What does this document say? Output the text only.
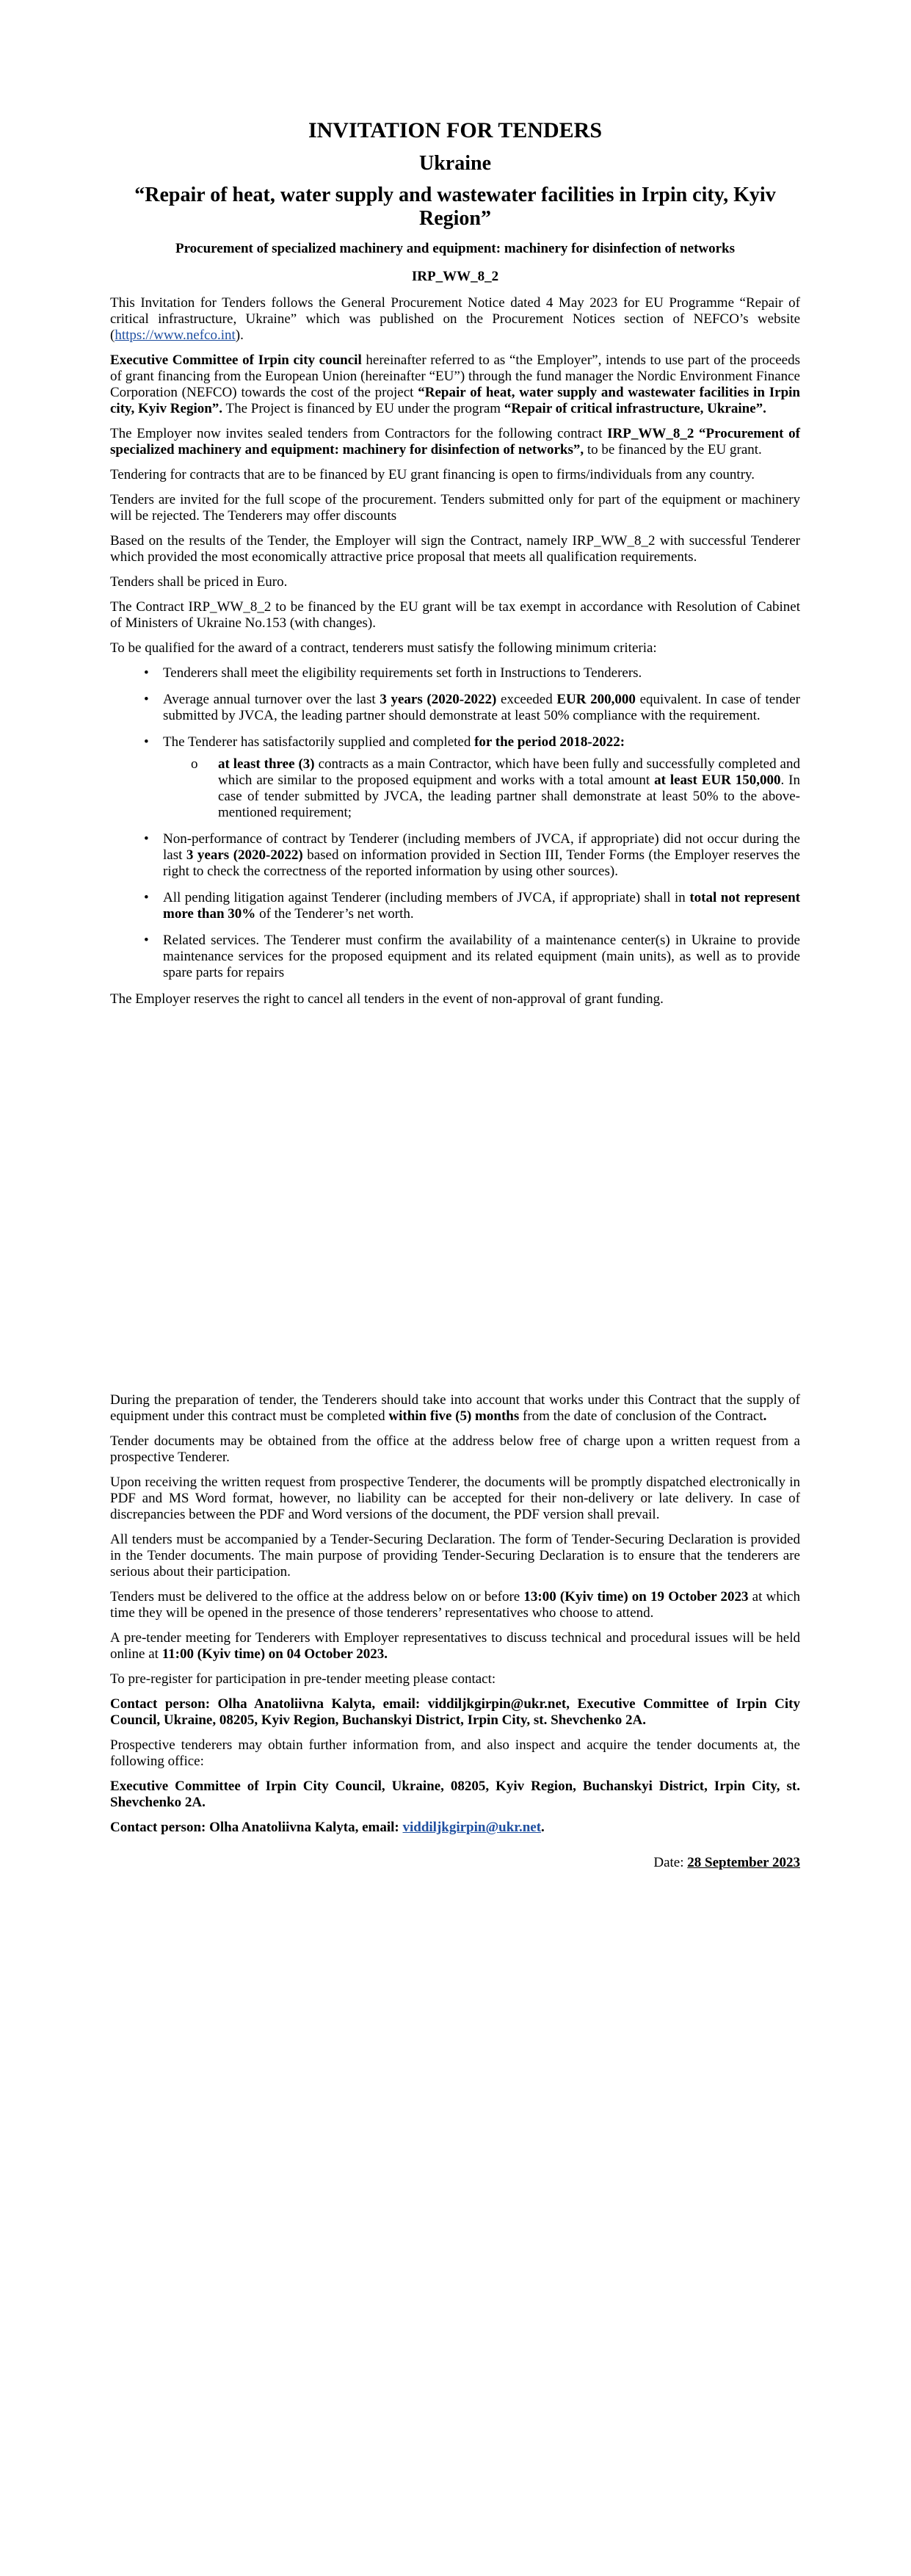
INVITATION FOR TENDERS
Ukraine
“Repair of heat, water supply and wastewater facilities in Irpin city, Kyiv Region”
Procurement of specialized machinery and equipment: machinery for disinfection of networks
IRP_WW_8_2

This Invitation for Tenders follows the General Procurement Notice dated 4 May 2023 for EU Programme “Repair of critical infrastructure, Ukraine” which was published on the Procurement Notices section of NEFCO’s website (https://www.nefco.int).

Executive Committee of Irpin city council hereinafter referred to as “the Employer”, intends to use part of the proceeds of grant financing from the European Union (hereinafter “EU”) through the fund manager the Nordic Environment Finance Corporation (NEFCO) towards the cost of the project “Repair of heat, water supply and wastewater facilities in Irpin city, Kyiv Region”. The Project is financed by EU under the program “Repair of critical infrastructure, Ukraine”.

The Employer now invites sealed tenders from Contractors for the following contract IRP_WW_8_2 “Procurement of specialized machinery and equipment: machinery for disinfection of networks”, to be financed by the EU grant.

Tendering for contracts that are to be financed by EU grant financing is open to firms/individuals from any country.

Tenders are invited for the full scope of the procurement. Tenders submitted only for part of the equipment or machinery will be rejected. The Tenderers may offer discounts

Based on the results of the Tender, the Employer will sign the Contract, namely IRP_WW_8_2 with successful Tenderer which provided the most economically attractive price proposal that meets all qualification requirements.

Tenders shall be priced in Euro.

The Contract IRP_WW_8_2 to be financed by the EU grant will be tax exempt in accordance with Resolution of Cabinet of Ministers of Ukraine No.153 (with changes).

To be qualified for the award of a contract, tenderers must satisfy the following minimum criteria:

• Tenderers shall meet the eligibility requirements set forth in Instructions to Tenderers.
• Average annual turnover over the last 3 years (2020-2022) exceeded EUR 200,000 equivalent. In case of tender submitted by JVCA, the leading partner should demonstrate at least 50% compliance with the requirement.
• The Tenderer has satisfactorily supplied and completed for the period 2018-2022:
o at least three (3) contracts as a main Contractor, which have been fully and successfully completed and which are similar to the proposed equipment and works with a total amount at least EUR 150,000. In case of tender submitted by JVCA, the leading partner shall demonstrate at least 50% to the above-mentioned requirement;
• Non-performance of contract by Tenderer (including members of JVCA, if appropriate) did not occur during the last 3 years (2020-2022) based on information provided in Section III, Tender Forms (the Employer reserves the right to check the correctness of the reported information by using other sources).
• All pending litigation against Tenderer (including members of JVCA, if appropriate) shall in total not represent more than 30% of the Tenderer’s net worth.
• Related services. The Tenderer must confirm the availability of a maintenance center(s) in Ukraine to provide maintenance services for the proposed equipment and its related equipment (main units), as well as to provide spare parts for repairs

The Employer reserves the right to cancel all tenders in the event of non-approval of grant funding.

During the preparation of tender, the Tenderers should take into account that works under this Contract that the supply of equipment under this contract must be completed within five (5) months from the date of conclusion of the Contract.

Tender documents may be obtained from the office at the address below free of charge upon a written request from a prospective Tenderer.

Upon receiving the written request from prospective Tenderer, the documents will be promptly dispatched electronically in PDF and MS Word format, however, no liability can be accepted for their non-delivery or late delivery. In case of discrepancies between the PDF and Word versions of the document, the PDF version shall prevail.

All tenders must be accompanied by a Tender-Securing Declaration. The form of Tender-Securing Declaration is provided in the Tender documents. The main purpose of providing Tender-Securing Declaration is to ensure that the tenderers are serious about their participation.

Tenders must be delivered to the office at the address below on or before 13:00 (Kyiv time) on 19 October 2023 at which time they will be opened in the presence of those tenderers’ representatives who choose to attend.

A pre-tender meeting for Tenderers with Employer representatives to discuss technical and procedural issues will be held online at 11:00 (Kyiv time) on 04 October 2023.

To pre-register for participation in pre-tender meeting please contact:

Contact person: Olha Anatoliivna Kalyta, email: viddiljkgirpin@ukr.net, Executive Committee of Irpin City Council, Ukraine, 08205, Kyiv Region, Buchanskyi District, Irpin City, st. Shevchenko 2A.

Prospective tenderers may obtain further information from, and also inspect and acquire the tender documents at, the following office:

Executive Committee of Irpin City Council, Ukraine, 08205, Kyiv Region, Buchanskyi District, Irpin City, st. Shevchenko 2A.

Contact person: Olha Anatoliivna Kalyta, email: viddiljkgirpin@ukr.net.

Date: 28 September 2023
